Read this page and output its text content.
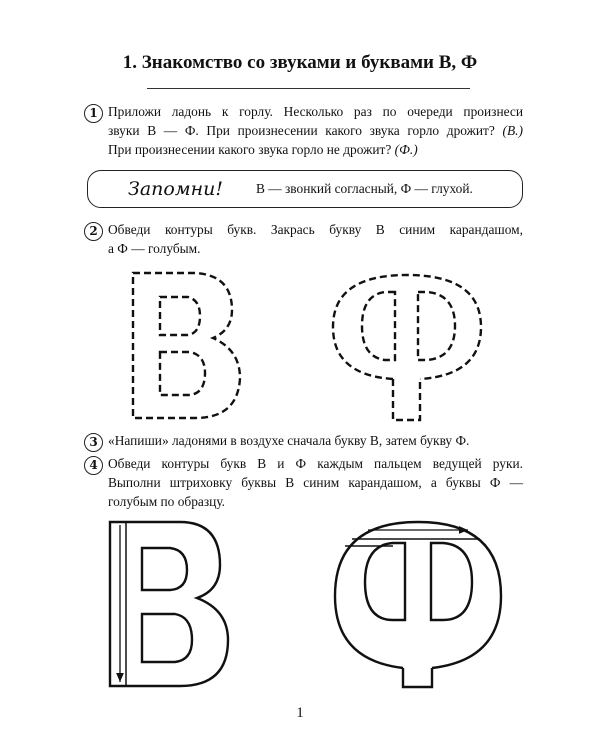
1. Знакомство со звуками и буквами В, Ф
1 Приложи ладонь к горлу. Несколько раз по очереди произнеси
звуки В — Ф. При произнесении какого звука горло дрожит? (В.)
При произнесении какого звука горло не дрожит? (Ф.)
Запомни! В — звонкий согласный, Ф — глухой.
2 Обведи контуры букв. Закрась букву В синим карандашом,
а Ф — голубым.
3 «Напиши» ладонями в воздухе сначала букву В, затем букву Ф.
4 Обведи контуры букв В и Ф каждым пальцем ведущей руки.
Выполни штриховку буквы В синим карандашом, а буквы Ф —
голубым по образцу.
1
